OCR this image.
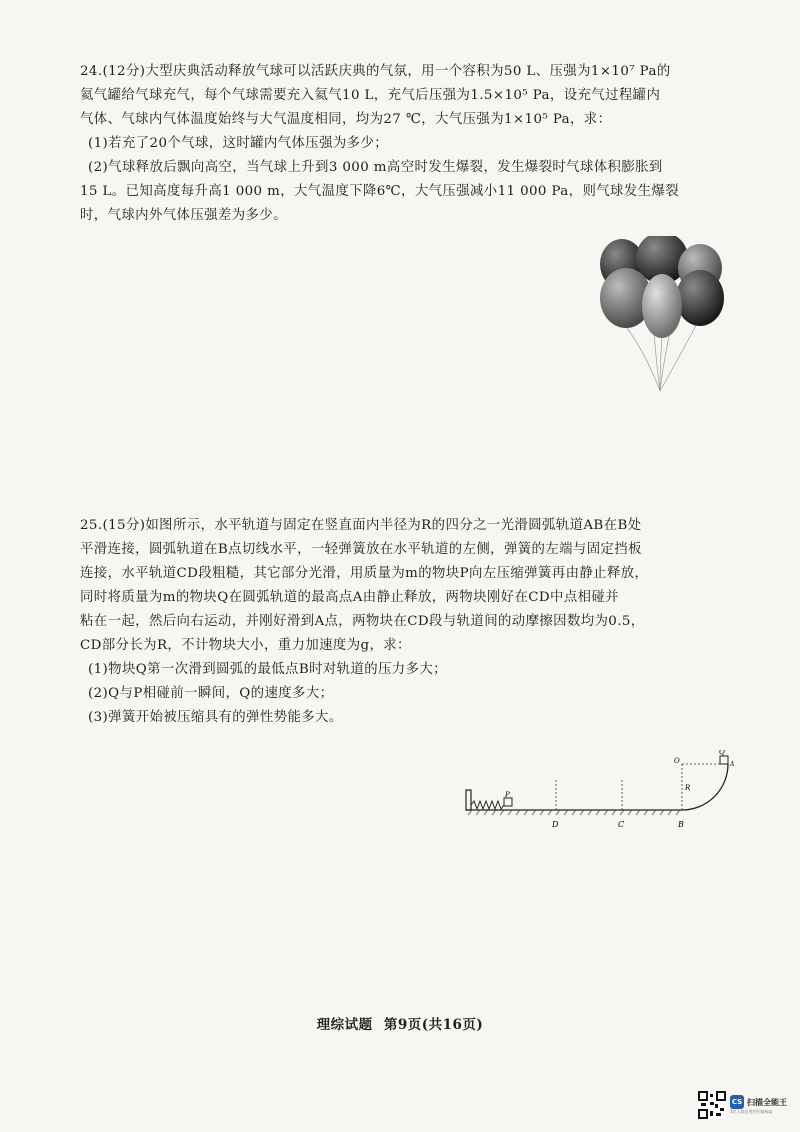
24.(12分)大型庆典活动释放气球可以活跃庆典的气氛，用一个容积为50 L、压强为1×10⁷ Pa的
氦气罐给气球充气，每个气球需要充入氦气10 L，充气后压强为1.5×10⁵ Pa，设充气过程罐内
气体、气球内气体温度始终与大气温度相同，均为27 ℃，大气压强为1×10⁵ Pa，求：
(1)若充了20个气球，这时罐内气体压强为多少；
(2)气球释放后飘向高空，当气球上升到3 000 m高空时发生爆裂，发生爆裂时气球体积膨胀到
15 L。已知高度每升高1 000 m，大气温度下降6℃，大气压强减小11 000 Pa，则气球发生爆裂
时，气球内外气体压强差为多少。
25.(15分)如图所示，水平轨道与固定在竖直面内半径为R的四分之一光滑圆弧轨道AB在B处
平滑连接，圆弧轨道在B点切线水平，一轻弹簧放在水平轨道的左侧，弹簧的左端与固定挡板
连接，水平轨道CD段粗糙，其它部分光滑，用质量为m的物块P向左压缩弹簧再由静止释放，
同时将质量为m的物块Q在圆弧轨道的最高点A由静止释放，两物块刚好在CD中点相碰并
粘在一起，然后向右运动，并刚好滑到A点，两物块在CD段与轨道间的动摩擦因数均为0.5，
CD部分长为R，不计物块大小，重力加速度为g，求：
(1)物块Q第一次滑到圆弧的最低点B时对轨道的压力多大；
(2)Q与P相碰前一瞬间，Q的速度多大；
(3)弹簧开始被压缩具有的弹性势能多大。
P
D	C	B
O
R
Q
A
理综试题 第9页(共16页)
CS 扫描全能王
3亿人都在用的扫描App
